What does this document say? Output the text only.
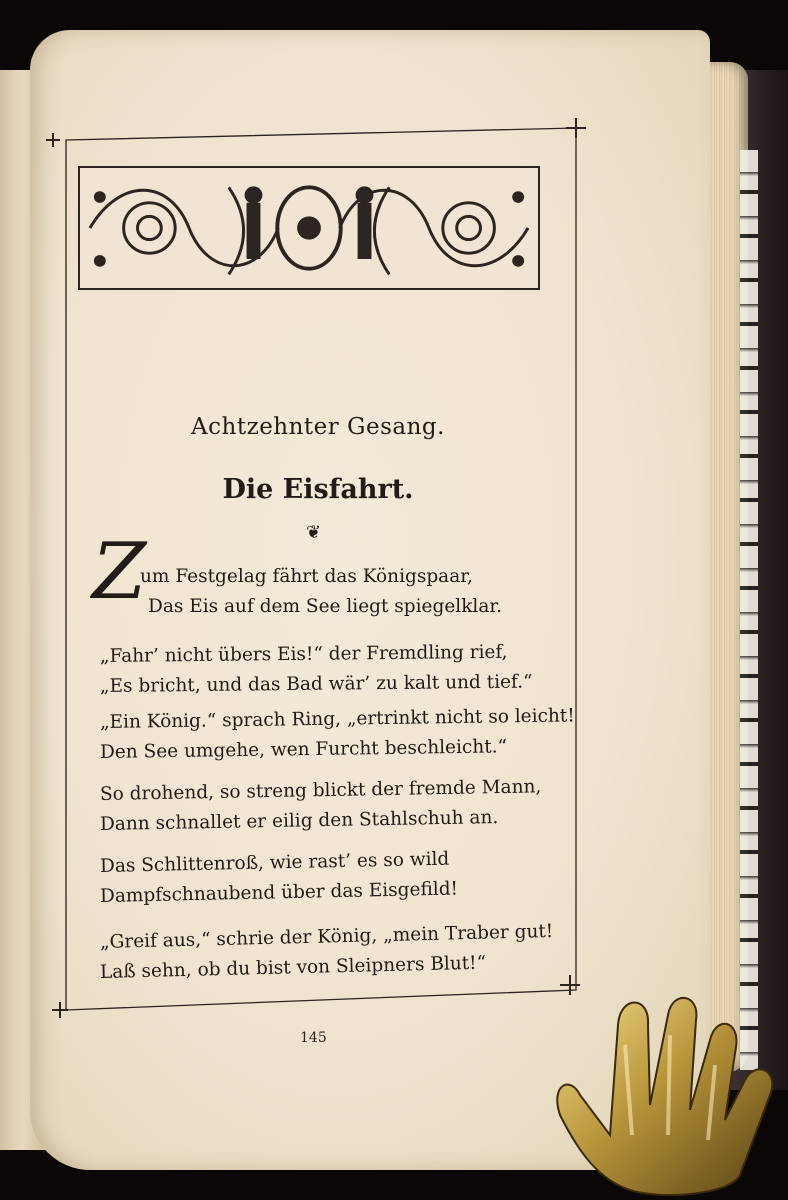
Achtzehnter Gesang.
Die Eisfahrt.
❦
Z
um Festgelag fährt das Königspaar,
Das Eis auf dem See liegt spiegelklar.
„Fahr’ nicht übers Eis!“ der Fremdling rief,
„Es bricht, und das Bad wär’ zu kalt und tief.“
„Ein König.“ sprach Ring, „ertrinkt nicht so leicht!
Den See umgehe, wen Furcht beschleicht.“
So drohend, so streng blickt der fremde Mann,
Dann schnallet er eilig den Stahlschuh an.
Das Schlittenroß, wie rast’ es so wild
Dampfschnaubend über das Eisgefild!
„Greif aus,“ schrie der König, „mein Traber gut!
Laß sehn, ob du bist von Sleipners Blut!“
145
